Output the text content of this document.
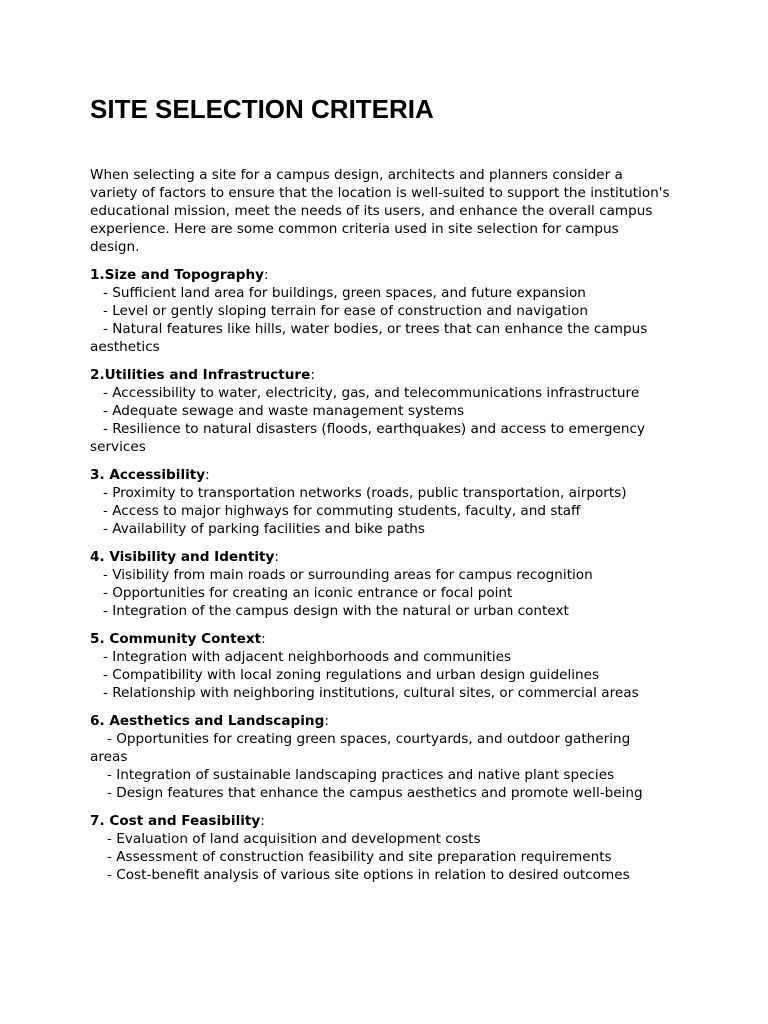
SITE SELECTION CRITERIA

When selecting a site for a campus design, architects and planners consider a variety of factors to ensure that the location is well-suited to support the institution's educational mission, meet the needs of its users, and enhance the overall campus experience. Here are some common criteria used in site selection for campus design.

1.Size and Topography:

- Sufficient land area for buildings, green spaces, and future expansion

- Level or gently sloping terrain for ease of construction and navigation

- Natural features like hills, water bodies, or trees that can enhance the campus aesthetics

2.Utilities and Infrastructure:

- Accessibility to water, electricity, gas, and telecommunications infrastructure

- Adequate sewage and waste management systems

- Resilience to natural disasters (floods, earthquakes) and access to emergency services

3. Accessibility:

- Proximity to transportation networks (roads, public transportation, airports)

- Access to major highways for commuting students, faculty, and staff

- Availability of parking facilities and bike paths

4. Visibility and Identity:

- Visibility from main roads or surrounding areas for campus recognition

- Opportunities for creating an iconic entrance or focal point

- Integration of the campus design with the natural or urban context

5. Community Context:

- Integration with adjacent neighborhoods and communities

- Compatibility with local zoning regulations and urban design guidelines

- Relationship with neighboring institutions, cultural sites, or commercial areas

6. Aesthetics and Landscaping:

- Opportunities for creating green spaces, courtyards, and outdoor gathering areas

- Integration of sustainable landscaping practices and native plant species

- Design features that enhance the campus aesthetics and promote well-being

7. Cost and Feasibility:

- Evaluation of land acquisition and development costs

- Assessment of construction feasibility and site preparation requirements

- Cost-benefit analysis of various site options in relation to desired outcomes
